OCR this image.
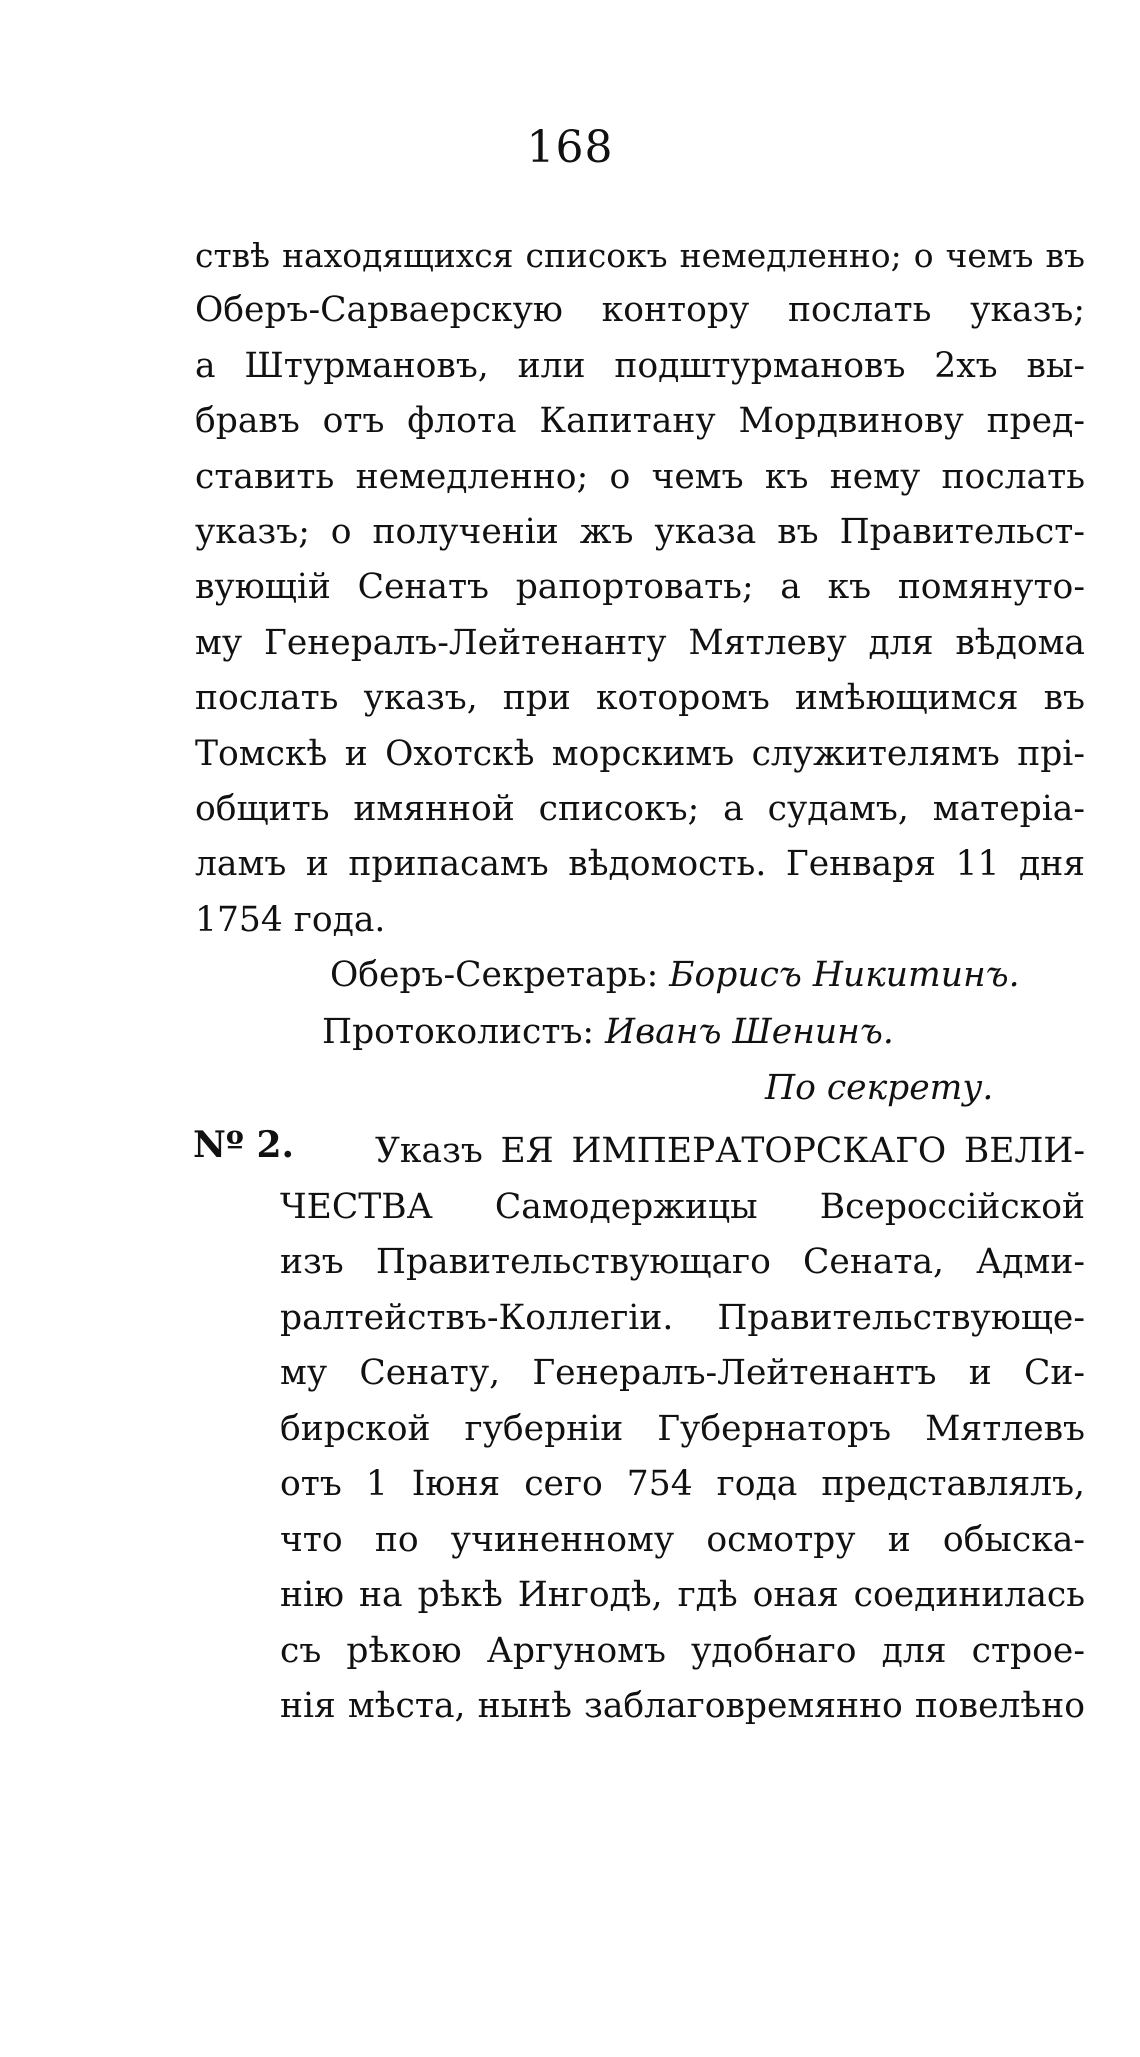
168
ствѣ находящихся списокъ немедленно; о чемъ въ
Оберъ-Сарваерскую контору послать указъ;
а Штурмановъ, или подштурмановъ 2хъ вы-
бравъ отъ флота Капитану Мордвинову пред-
ставить немедленно; о чемъ къ нему послать
указъ; о полученіи жъ указа въ Правительст-
вующій Сенатъ рапортовать; а къ помянуто-
му Генералъ-Лейтенанту Мятлеву для вѣдома
послать указъ, при которомъ имѣющимся въ
Томскѣ и Охотскѣ морскимъ служителямъ прі-
общить имянной списокъ; а судамъ, матеріа-
ламъ и припасамъ вѣдомость. Генваря 11 дня
1754 года.
Оберъ-Секретарь: Борисъ Никитинъ.
Протоколистъ: Иванъ Шенинъ.
По секрету.
Nº 2.	Указъ ЕЯ ИМПЕРАТОРСКАГО ВЕЛИ-
ЧЕСТВА Самодержицы Всероссійской
изъ Правительствующаго Сената, Адми-
ралтействъ-Коллегіи. Правительствующе-
му Сенату, Генералъ-Лейтенантъ и Си-
бирской губерніи Губернаторъ Мятлевъ
отъ 1 Іюня сего 754 года представлялъ,
что по учиненному осмотру и обыска-
нію на рѣкѣ Ингодѣ, гдѣ оная соединилась
съ рѣкою Аргуномъ удобнаго для строе-
нія мѣста, нынѣ заблаговремянно повелѣно
